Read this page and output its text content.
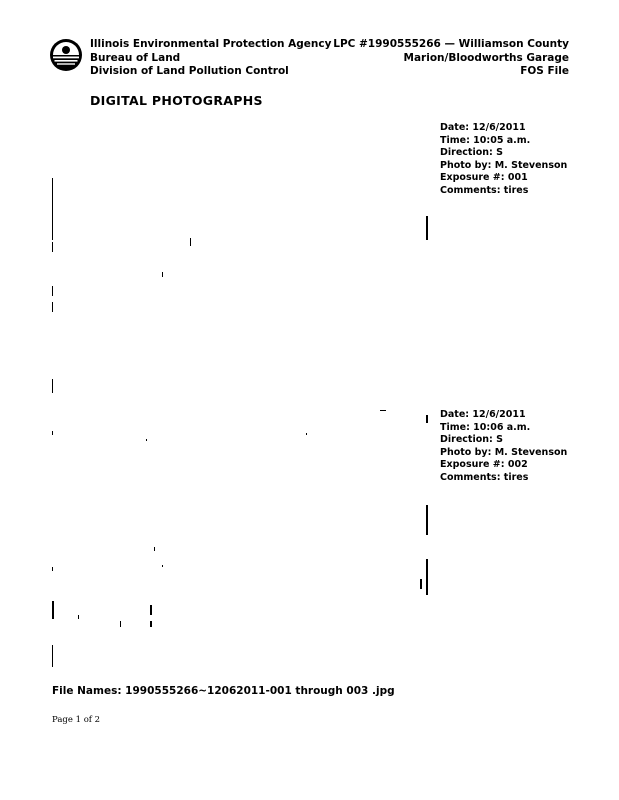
Illinois Environmental Protection Agency
Bureau of Land
Division of Land Pollution Control
LPC #1990555266 — Williamson County
Marion/Bloodworths Garage
FOS File
DIGITAL PHOTOGRAPHS
Date: 12/6/2011
Time: 10:05 a.m.
Direction: S
Photo by: M. Stevenson
Exposure #: 001
Comments: tires
Date: 12/6/2011
Time: 10:06 a.m.
Direction: S
Photo by: M. Stevenson
Exposure #: 002
Comments: tires
File Names: 1990555266~12062011-001 through 003 .jpg
Page 1 of 2
